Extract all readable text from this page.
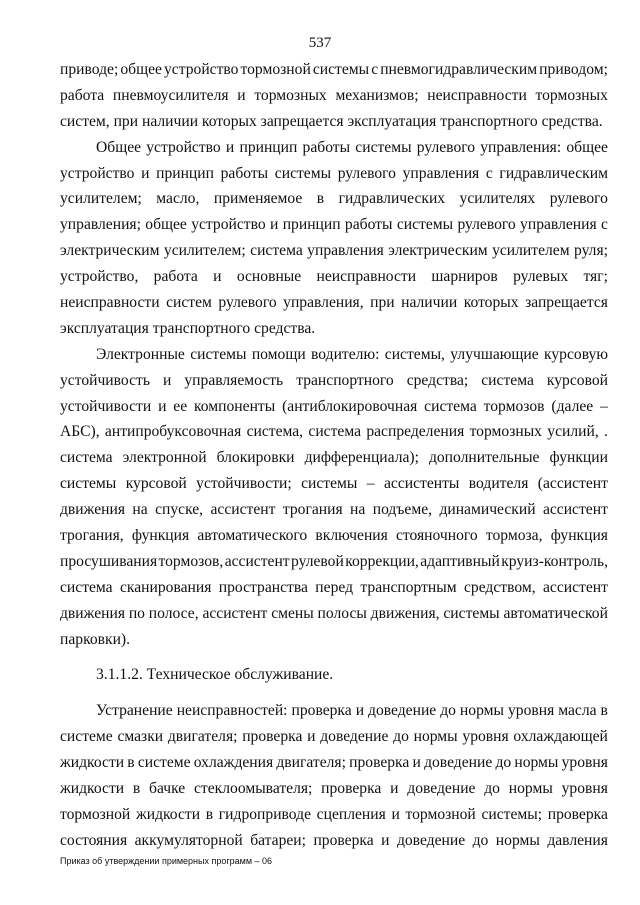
537
приводе; общее устройство тормозной системы с пневмогидравлическим приводом;
работа пневмоусилителя и тормозных механизмов; неисправности тормозных
систем, при наличии которых запрещается эксплуатация транспортного средства.
Общее устройство и принцип работы системы рулевого управления: общее
устройство и принцип работы системы рулевого управления с гидравлическим
усилителем; масло, применяемое в гидравлических усилителях рулевого
управления; общее устройство и принцип работы системы рулевого управления с
электрическим усилителем; система управления электрическим усилителем руля;
устройство, работа и основные неисправности шарниров рулевых тяг;
неисправности систем рулевого управления, при наличии которых запрещается
эксплуатация транспортного средства.
Электронные системы помощи водителю: системы, улучшающие курсовую
устойчивость и управляемость транспортного средства; система курсовой
устойчивости и ее компоненты (антиблокировочная система тормозов (далее –
АБС), антипробуксовочная система, система распределения тормозных усилий, .
система электронной блокировки дифференциала); дополнительные функции
системы курсовой устойчивости; системы – ассистенты водителя (ассистент
движения на спуске, ассистент трогания на подъеме, динамический ассистент
трогания, функция автоматического включения стояночного тормоза, функция
просушивания тормозов, ассистент рулевой коррекции, адаптивный круиз-контроль,
система сканирования пространства перед транспортным средством, ассистент
движения по полосе, ассистент смены полосы движения, системы автоматической
парковки).
3.1.1.2. Техническое обслуживание.
Устранение неисправностей: проверка и доведение до нормы уровня масла в
системе смазки двигателя; проверка и доведение до нормы уровня охлаждающей
жидкости в системе охлаждения двигателя; проверка и доведение до нормы уровня
жидкости в бачке стеклоомывателя; проверка и доведение до нормы уровня
тормозной жидкости в гидроприводе сцепления и тормозной системы; проверка
состояния аккумуляторной батареи; проверка и доведение до нормы давления
Приказ об утверждении примерных программ – 06
